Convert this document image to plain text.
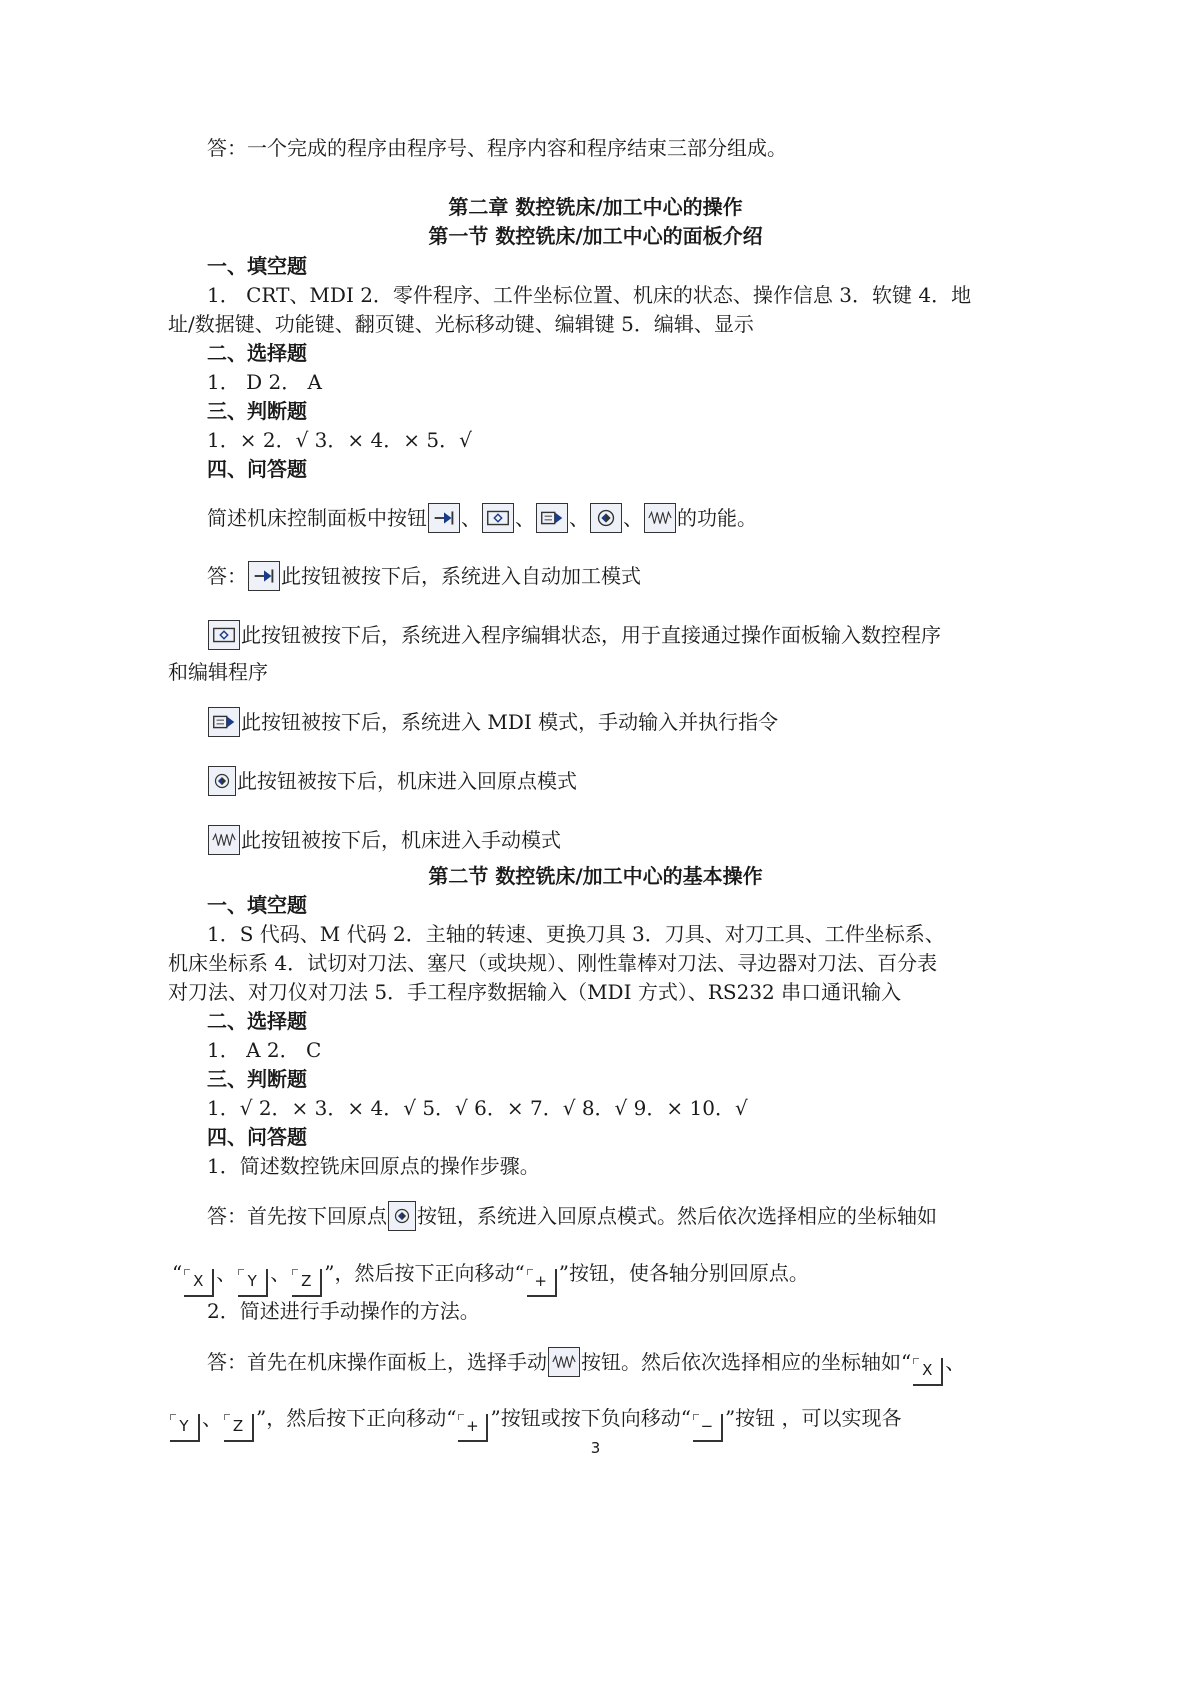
答：一个完成的程序由程序号、程序内容和程序结束三部分组成。
第二章 数控铣床/加工中心的操作
第一节 数控铣床/加工中心的面板介绍
一、填空题
1． CRT、MDI 2．零件程序、工件坐标位置、机床的状态、操作信息 3．软键 4．地
址/数据键、功能键、翻页键、光标移动键、编辑键 5．编辑、显示
二、选择题
1． D 2． A
三、判断题
1．× 2．√ 3．× 4．× 5．√
四、问答题
简述机床控制面板中按钮 、 、 、 、 的功能。
答： 此按钮被按下后，系统进入自动加工模式
此按钮被按下后，系统进入程序编辑状态，用于直接通过操作面板输入数控程序
和编辑程序
此按钮被按下后，系统进入 MDI 模式，手动输入并执行指令
此按钮被按下后，机床进入回原点模式
此按钮被按下后，机床进入手动模式
第二节 数控铣床/加工中心的基本操作
一、填空题
1．S 代码、M 代码 2．主轴的转速、更换刀具 3．刀具、对刀工具、工件坐标系、
机床坐标系 4．试切对刀法、塞尺（或块规）、刚性靠棒对刀法、寻边器对刀法、百分表
对刀法、对刀仪对刀法 5．手工程序数据输入（MDI 方式）、RS232 串口通讯输入
二、选择题
1． A 2． C
三、判断题
1．√ 2．× 3．× 4．√ 5．√ 6．× 7．√ 8．√ 9．× 10．√
四、问答题
1．简述数控铣床回原点的操作步骤。
答：首先按下回原点 按钮，系统进入回原点模式。然后依次选择相应的坐标轴如
“ X 、 Y 、 Z ”，然后按下正向移动“ + ”按钮，使各轴分别回原点。
2．简述进行手动操作的方法。
答：首先在机床操作面板上，选择手动 按钮。然后依次选择相应的坐标轴如“ X 、
Y 、 Z ”，然后按下正向移动“ + ”按钮或按下负向移动“ − ”按钮 ，可以实现各
3
